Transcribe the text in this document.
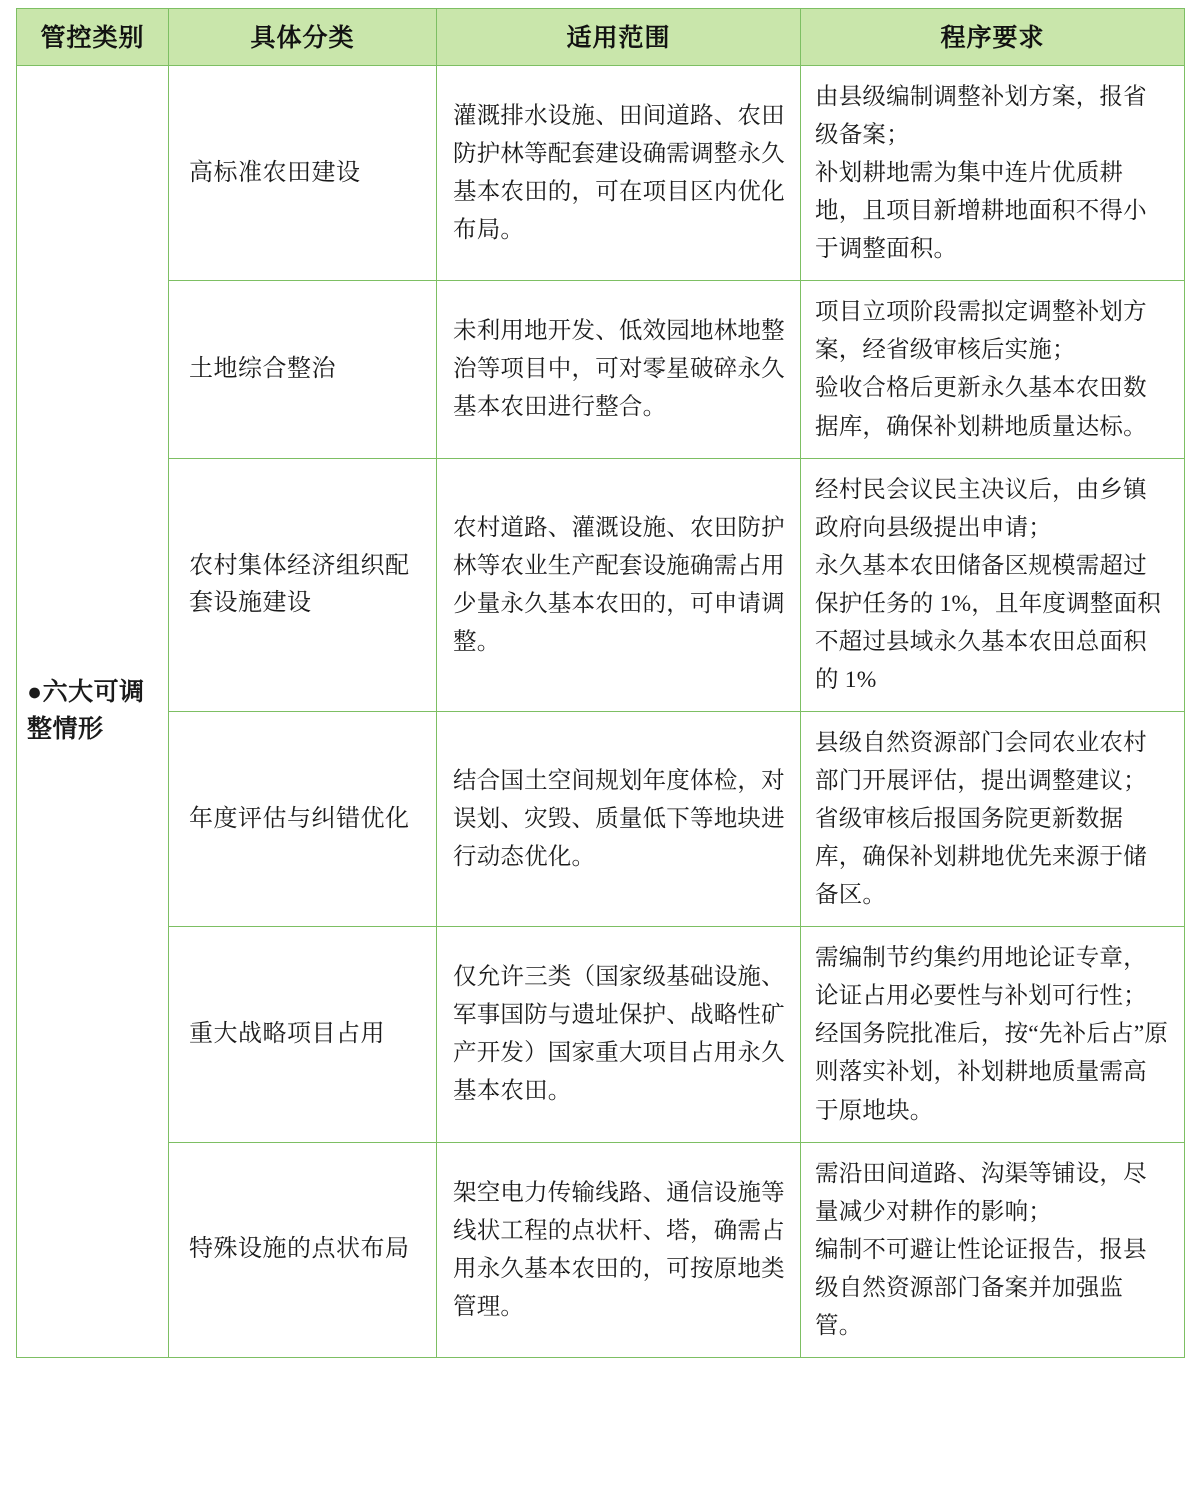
管控类别	具体分类	适用范围	程序要求
●六大可调整情形	高标准农田建设	灌溉排水设施、田间道路、农田防护林等配套建设确需调整永久基本农田的，可在项目区内优化布局。	由县级编制调整补划方案，报省级备案；
补划耕地需为集中连片优质耕地，且项目新增耕地面积不得小于调整面积。

	土地综合整治	未利用地开发、低效园地林地整治等项目中，可对零星破碎永久基本农田进行整合。	项目立项阶段需拟定调整补划方案，经省级审核后实施；
验收合格后更新永久基本农田数据库，确保补划耕地质量达标。

	农村集体经济组织配套设施建设	农村道路、灌溉设施、农田防护林等农业生产配套设施确需占用少量永久基本农田的，可申请调整。	经村民会议民主决议后，由乡镇政府向县级提出申请；
永久基本农田储备区规模需超过保护任务的 1%，且年度调整面积不超过县域永久基本农田总面积的 1%

	年度评估与纠错优化	结合国土空间规划年度体检，对误划、灾毁、质量低下等地块进行动态优化。	县级自然资源部门会同农业农村部门开展评估，提出调整建议；
省级审核后报国务院更新数据库，确保补划耕地优先来源于储备区。

	重大战略项目占用	仅允许三类（国家级基础设施、军事国防与遗址保护、战略性矿产开发）国家重大项目占用永久基本农田。	需编制节约集约用地论证专章，论证占用必要性与补划可行性；
经国务院批准后，按“先补后占”原则落实补划，补划耕地质量需高于原地块。

	特殊设施的点状布局	架空电力传输线路、通信设施等线状工程的点状杆、塔，确需占用永久基本农田的，可按原地类管理。	需沿田间道路、沟渠等铺设，尽量减少对耕作的影响；
编制不可避让性论证报告，报县级自然资源部门备案并加强监管。
